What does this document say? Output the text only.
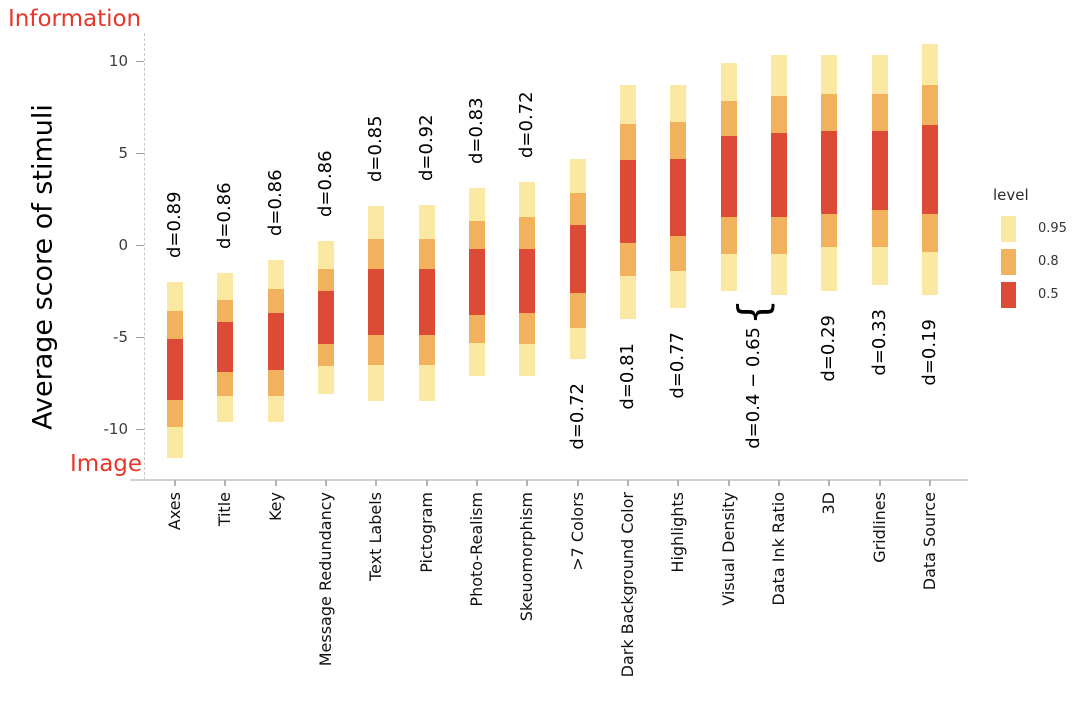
Information
Average score of stimuli
Image
10
5
0
-5
-10
Axes
d=0.89
Title
d=0.86
Key
d=0.86
Message Redundancy
d=0.86
Text Labels
d=0.85
Pictogram
d=0.92
Photo-Realism
d=0.83
Skeuomorphism
d=0.72
>7 Colors
d=0.72
Dark Background Color
d=0.81
Highlights
d=0.77
Visual Density Data Ink Ratio 3D
d=0.29
Gridlines
d=0.33
Data Source
d=0.19
{
d=0.4 − 0.65
level
0.95
0.8
0.5
